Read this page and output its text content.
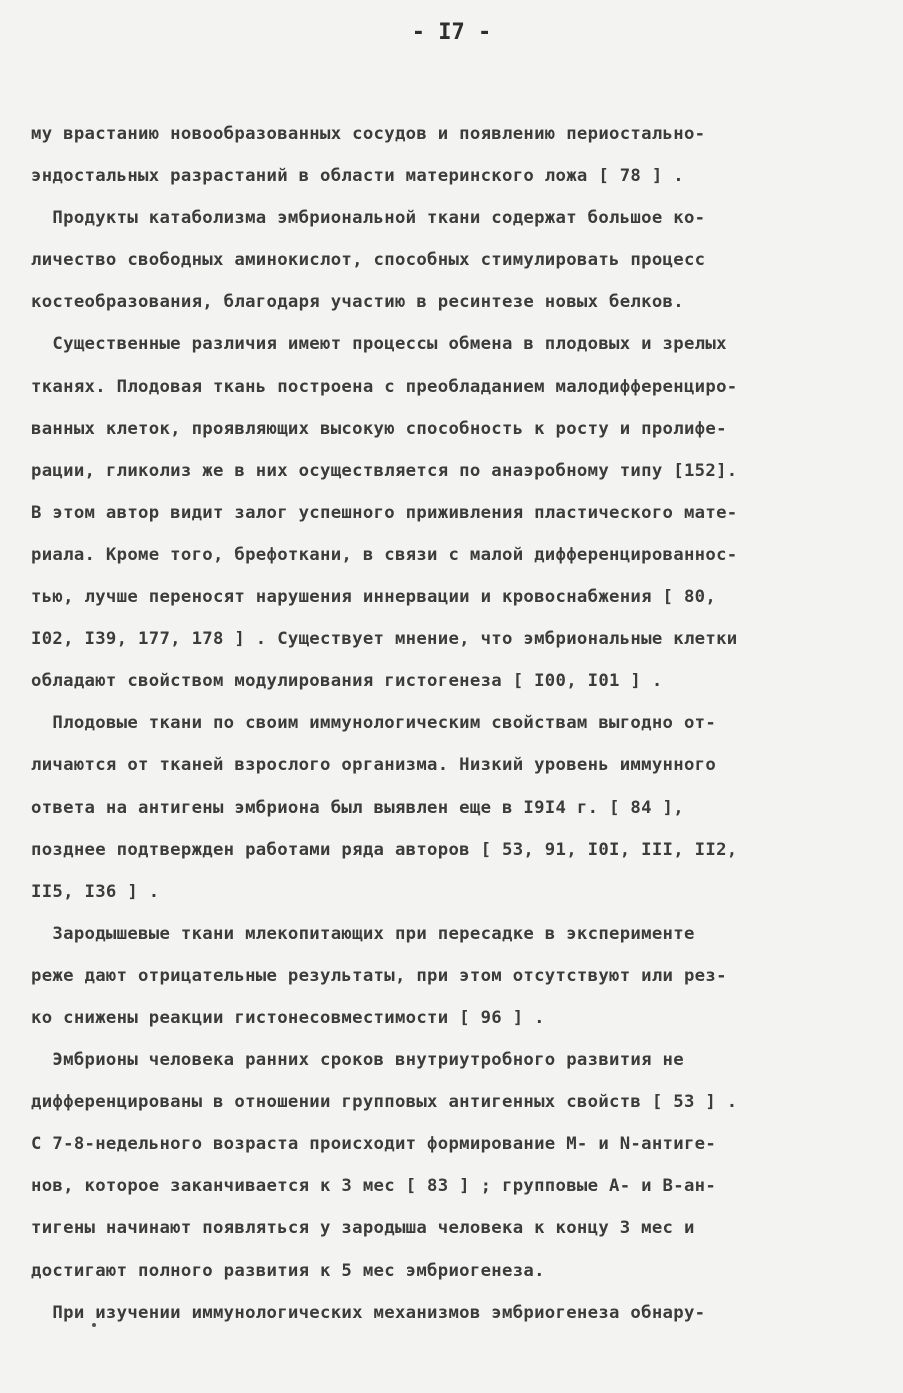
- I7 -
му врастанию новообразованных сосудов и появлению периостально-
эндостальных разрастаний в области материнского ложа [ 78 ] .
Продукты катаболизма эмбриональной ткани содержат большое ко-
личество свободных аминокислот, способных стимулировать процесс
костеобразования, благодаря участию в ресинтезе новых белков.
Существенные различия имеют процессы обмена в плодовых и зрелых
тканях. Плодовая ткань построена с преобладанием малодифференциро-
ванных клеток, проявляющих высокую способность к росту и пролифе-
рации, гликолиз же в них осуществляется по анаэробному типу [152].
В этом автор видит залог успешного приживления пластического мате-
риала. Кроме того, брефоткани, в связи с малой дифференцированнос-
тью, лучше переносят нарушения иннервации и кровоснабжения [ 80,
I02, I39, 177, 178 ] . Существует мнение, что эмбриональные клетки
обладают свойством модулирования гистогенеза [ I00, I01 ] .
Плодовые ткани по своим иммунологическим свойствам выгодно от-
личаются от тканей взрослого организма. Низкий уровень иммунного
ответа на антигены эмбриона был выявлен еще в I9I4 г. [ 84 ],
позднее подтвержден работами ряда авторов [ 53, 91, I0I, III, II2,
II5, I36 ] .
Зародышевые ткани млекопитающих при пересадке в эксперименте
реже дают отрицательные результаты, при этом отсутствуют или рез-
ко снижены реакции гистонесовместимости [ 96 ] .
Эмбрионы человека ранних сроков внутриутробного развития не
дифференцированы в отношении групповых антигенных свойств [ 53 ] .
С 7-8-недельного возраста происходит формирование M- и N-антиге-
нов, которое заканчивается к 3 мес [ 83 ] ; групповые A- и B-ан-
тигены начинают появляться у зародыша человека к концу 3 мес и
достигают полного развития к 5 мес эмбриогенеза.
При изучении иммунологических механизмов эмбриогенеза обнару-
